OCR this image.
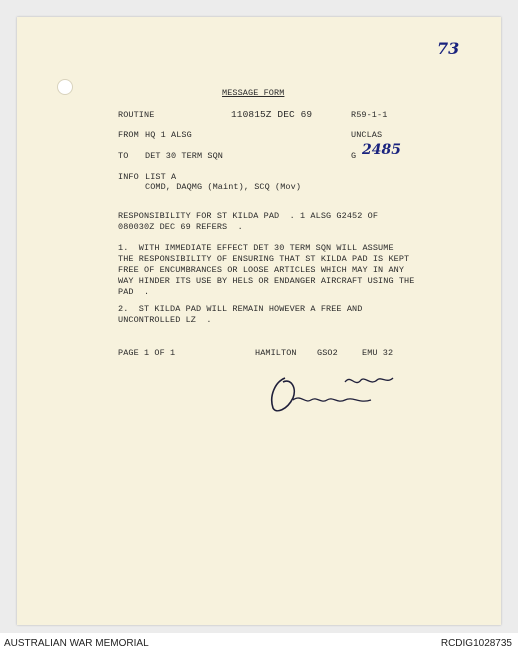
73
MESSAGE FORM
ROUTINE	110815Z DEC 69	R59-1-1
FROM HQ 1 ALSG	UNCLAS
TO DET 30 TERM SQN	G 2485
INFO LIST A
COMD, DAQMG (Maint), SCQ (Mov)
RESPONSIBILITY FOR ST KILDA PAD  . 1 ALSG G2452 OF
080030Z DEC 69 REFERS  .
1.  WITH IMMEDIATE EFFECT DET 30 TERM SQN WILL ASSUME
THE RESPONSIBILITY OF ENSURING THAT ST KILDA PAD IS KEPT
FREE OF ENCUMBRANCES OR LOOSE ARTICLES WHICH MAY IN ANY
WAY HINDER ITS USE BY HELS OR ENDANGER AIRCRAFT USING THE
PAD  .
2.  ST KILDA PAD WILL REMAIN HOWEVER A FREE AND
UNCONTROLLED LZ  .
PAGE 1 OF 1	HAMILTON GSO2	EMU 32
AUSTRALIAN WAR MEMORIAL	RCDIG1028735
